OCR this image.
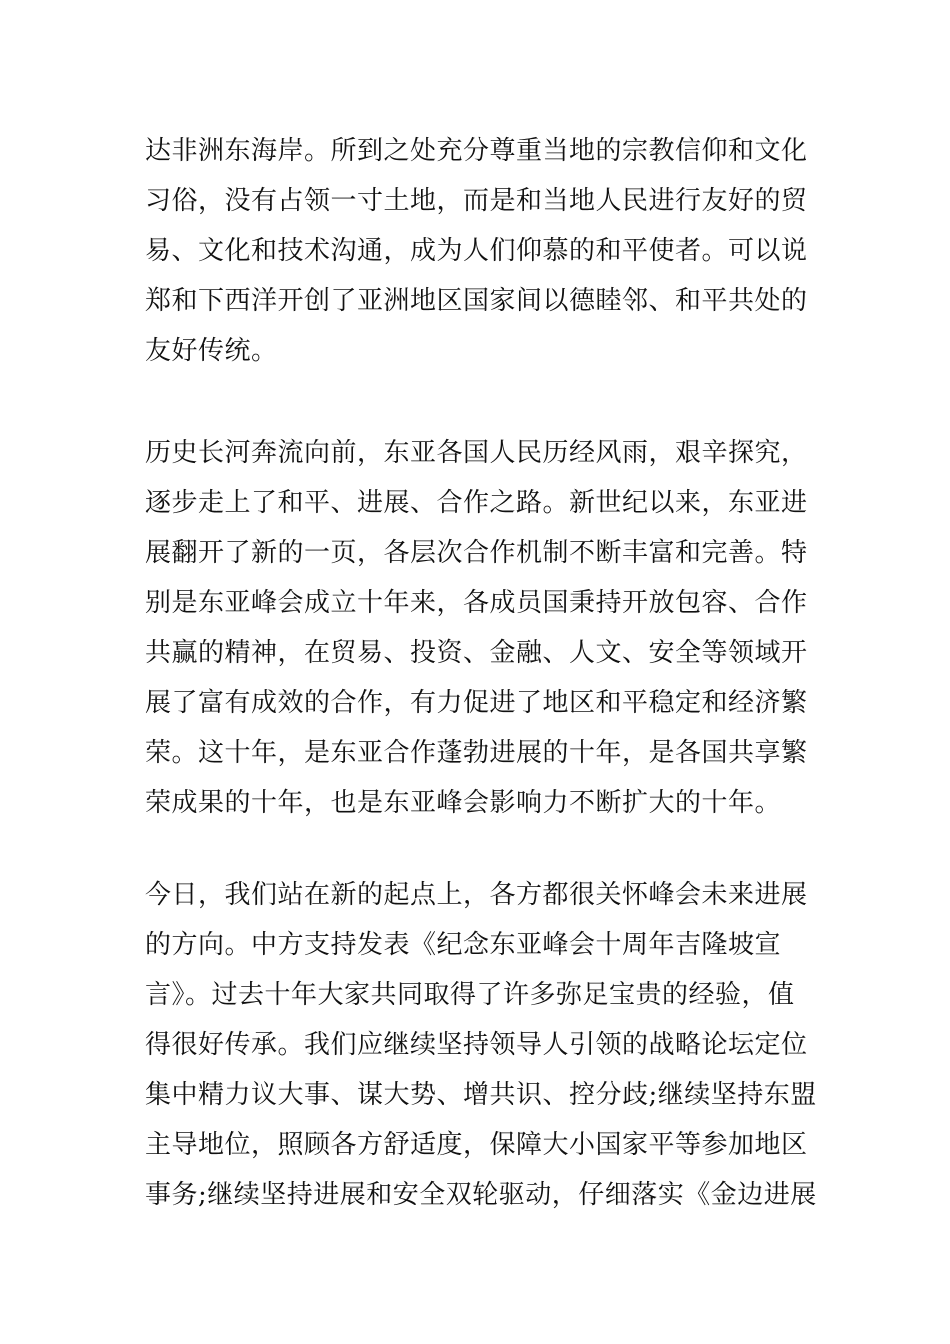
达非洲东海岸。所到之处充分尊重当地的宗教信仰和文化
习俗，没有占领一寸土地，而是和当地人民进行友好的贸
易、文化和技术沟通，成为人们仰慕的和平使者。可以说
郑和下西洋开创了亚洲地区国家间以德睦邻、和平共处的
友好传统。

历史长河奔流向前，东亚各国人民历经风雨，艰辛探究，
逐步走上了和平、进展、合作之路。新世纪以来，东亚进
展翻开了新的一页，各层次合作机制不断丰富和完善。特
别是东亚峰会成立十年来，各成员国秉持开放包容、合作
共赢的精神，在贸易、投资、金融、人文、安全等领域开
展了富有成效的合作，有力促进了地区和平稳定和经济繁
荣。这十年，是东亚合作蓬勃进展的十年，是各国共享繁
荣成果的十年，也是东亚峰会影响力不断扩大的十年。

今日，我们站在新的起点上，各方都很关怀峰会未来进展
的方向。中方支持发表《纪念东亚峰会十周年吉隆坡宣
言》。过去十年大家共同取得了许多弥足宝贵的经验，值
得很好传承。我们应继续坚持领导人引领的战略论坛定位
集中精力议大事、谋大势、增共识、控分歧;继续坚持东盟
主导地位，照顾各方舒适度，保障大小国家平等参加地区
事务;继续坚持进展和安全双轮驱动，仔细落实《金边进展
